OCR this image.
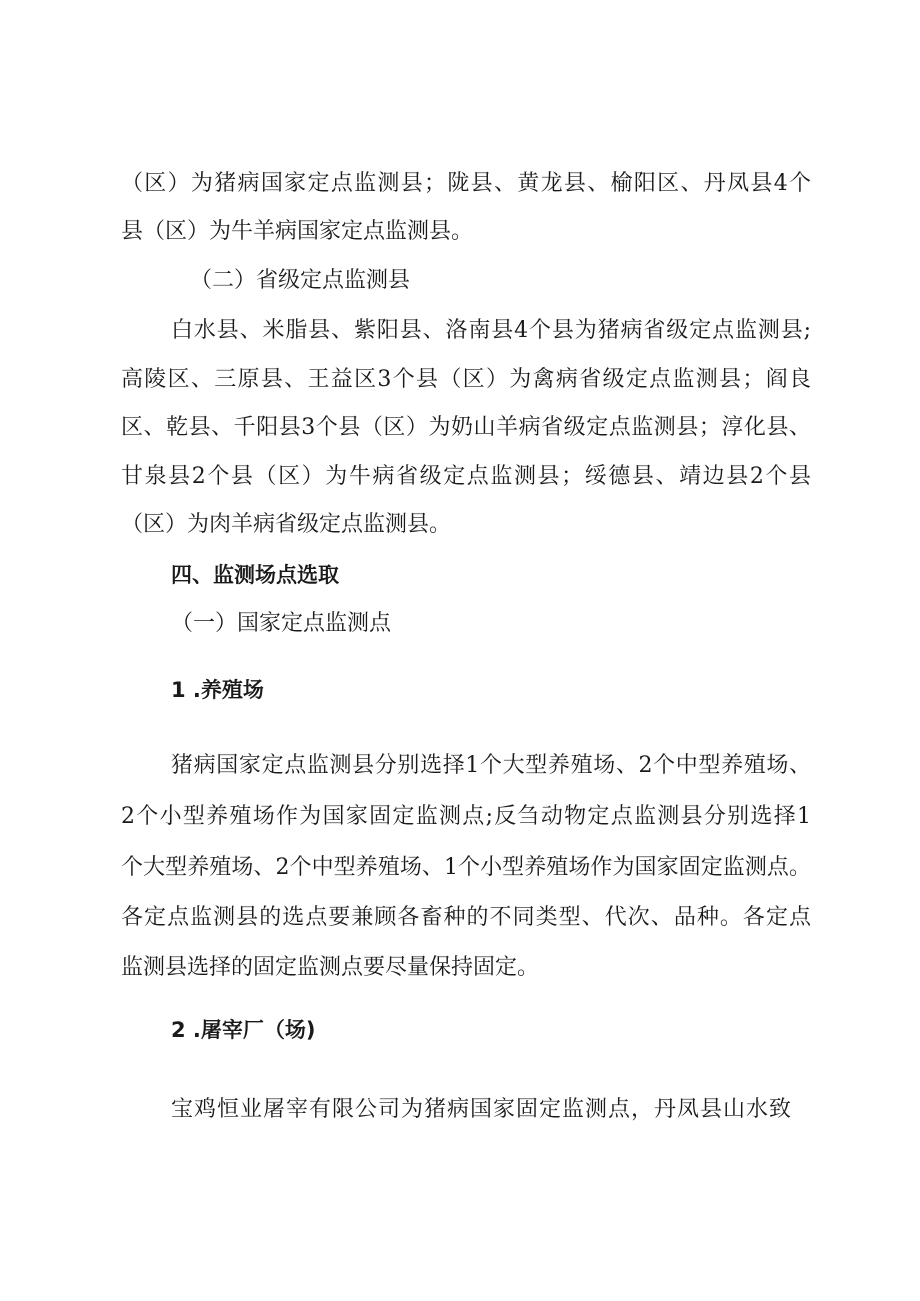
（区）为猪病国家定点监测县；陇县、黄龙县、榆阳区、丹凤县4个
县（区）为牛羊病国家定点监测县。
（二）省级定点监测县
白水县、米脂县、紫阳县、洛南县4个县为猪病省级定点监测县;
高陵区、三原县、王益区3个县（区）为禽病省级定点监测县；阎良
区、乾县、千阳县3个县（区）为奶山羊病省级定点监测县；淳化县、
甘泉县2个县（区）为牛病省级定点监测县；绥德县、靖边县2个县
（区）为肉羊病省级定点监测县。
四、监测场点选取
（一）国家定点监测点
1 .养殖场
猪病国家定点监测县分别选择1个大型养殖场、2个中型养殖场、
2个小型养殖场作为国家固定监测点;反刍动物定点监测县分别选择1
个大型养殖场、2个中型养殖场、1个小型养殖场作为国家固定监测点。
各定点监测县的选点要兼顾各畜种的不同类型、代次、品种。各定点
监测县选择的固定监测点要尽量保持固定。
2 .屠宰厂（场)
宝鸡恒业屠宰有限公司为猪病国家固定监测点，丹凤县山水致
